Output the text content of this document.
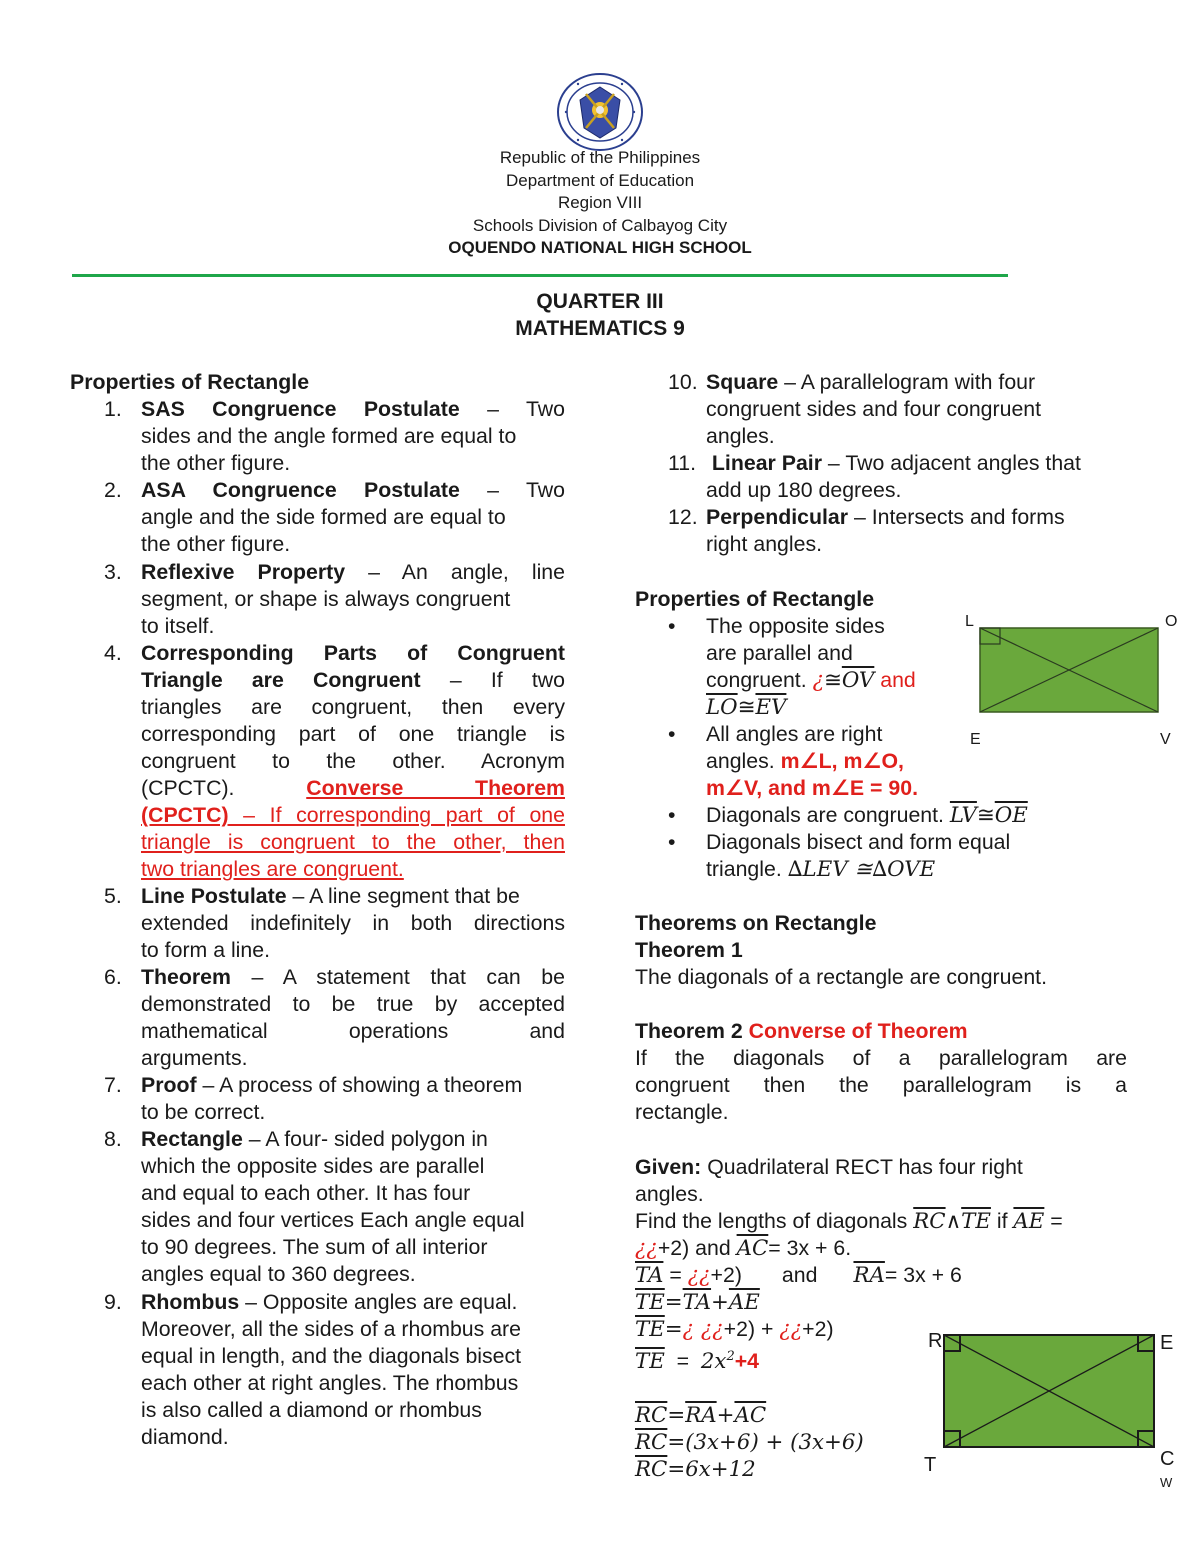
Republic of the Philippines
Department of Education
Region VIII
Schools Division of Calbayog City
OQUENDO NATIONAL HIGH SCHOOL
QUARTER III
MATHEMATICS 9
Properties of Rectangle
1. SAS Congruence Postulate – Two
sides and the angle formed are equal to
the other figure.
2. ASA Congruence Postulate – Two
angle and the side formed are equal to
the other figure.
3. Reflexive Property – An angle, line
segment, or shape is always congruent
to itself.
4. Corresponding Parts of Congruent
Triangle are Congruent – If two
triangles are congruent, then every
corresponding part of one triangle is
congruent to the other. Acronym
(CPCTC).	Converse Theorem
(CPCTC) – If corresponding part of one
triangle is congruent to the other, then
two triangles are congruent.
5. Line Postulate – A line segment that be
extended indefinitely in both directions
to form a line.
6. Theorem – A statement that can be
demonstrated to be true by accepted
mathematical operations and
arguments.
7. Proof – A process of showing a theorem
to be correct.
8. Rectangle – A four- sided polygon in
which the opposite sides are parallel
and equal to each other. It has four
sides and four vertices Each angle equal
to 90 degrees. The sum of all interior
angles equal to 360 degrees.
9. Rhombus – Opposite angles are equal.
Moreover, all the sides of a rhombus are
equal in length, and the diagonals bisect
each other at right angles. The rhombus
is also called a diamond or rhombus
diamond.
10. Square – A parallelogram with four
congruent sides and four congruent
angles.
11. Linear Pair – Two adjacent angles that
add up 180 degrees.
12. Perpendicular – Intersects and forms
right angles.
Properties of Rectangle
• The opposite sides
are parallel and
congruent. ¿$≅\overline{OV}$ and
$\overline{LO}≅\overline{EV}$
• All angles are right
angles. m∠L, m∠O,
m∠V, and m∠E = 90.
• Diagonals are congruent. $\overline{LV}≅\overline{OE}$
• Diagonals bisect and form equal
triangle. ∆LEV ≅∆OVE
L	O
E	V
Theorems on Rectangle
Theorem 1
The diagonals of a rectangle are congruent.
Theorem 2 Converse of Theorem
If the diagonals of a parallelogram are
congruent then the parallelogram is a
rectangle.
Given: Quadrilateral RECT has four right
angles.
Find the lengths of diagonals $\overline{RC}\wedge\overline{TE}$ if $\overline{AE}$ =
¿¿+2) and $\overline{AC}= 3x + 6$.
$\overline{TA}$ = ¿¿+2) and $\overline{RA}= 3x + 6$
$\overline{TE}=\overline{TA}+\overline{AE}$
$\overline{TE}=¿$ ¿¿+2) + ¿¿+2)
$\overline{TE} = 2x^2+4$

$\overline{RC}=\overline{RA}+\overline{AC}$
$\overline{RC}=(3x+6) + (3x+6)$
$\overline{RC}=6x+12$
R	E
T	C
W
